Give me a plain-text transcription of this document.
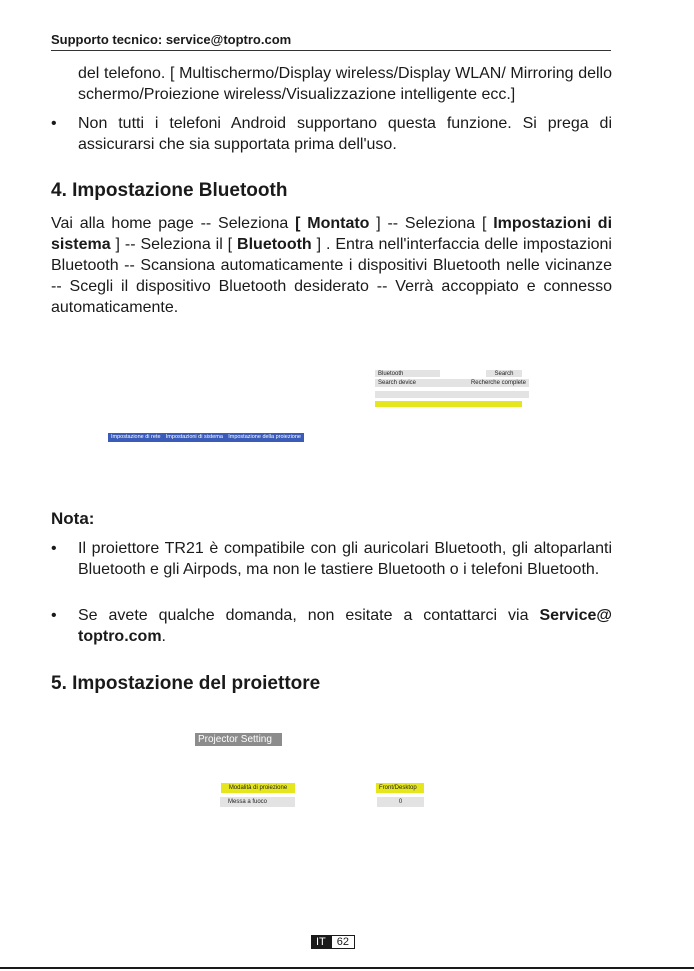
Supporto tecnico: service@toptro.com
del telefono. [ Multischermo/Display wireless/Display WLAN/ Mirroring dello schermo/Proiezione wireless/Visualizzazione intelligente ecc.]
• Non tutti i telefoni Android supportano questa funzione. Si prega di assicurarsi che sia supportata prima dell'uso.
4. Impostazione Bluetooth
Vai alla home page -- Seleziona [ Montato ] -- Seleziona [ Impostazioni di sistema ] -- Seleziona il [ Bluetooth ] . Entra nell'interfaccia delle impostazioni Bluetooth -- Scansiona automaticamente i dispositivi Bluetooth nelle vicinanze -- Scegli il dispositivo Bluetooth desiderato -- Verrà accoppiato e connesso automaticamente.
Bluetooth	Search
Search device	Recherche complete
Impostazione di rete Impostazioni di sistema Impostazione della proiezione
Nota:
• Il proiettore TR21 è compatibile con gli auricolari Bluetooth, gli altoparlanti Bluetooth e gli Airpods, ma non le tastiere Bluetooth o i telefoni Bluetooth.
• Se avete qualche domanda, non esitate a contattarci via Service@ toptro.com.
5. Impostazione del proiettore
Projector Setting
Modalità di proiezione	Front/Desktop
Messa a fuoco	0
IT	62
